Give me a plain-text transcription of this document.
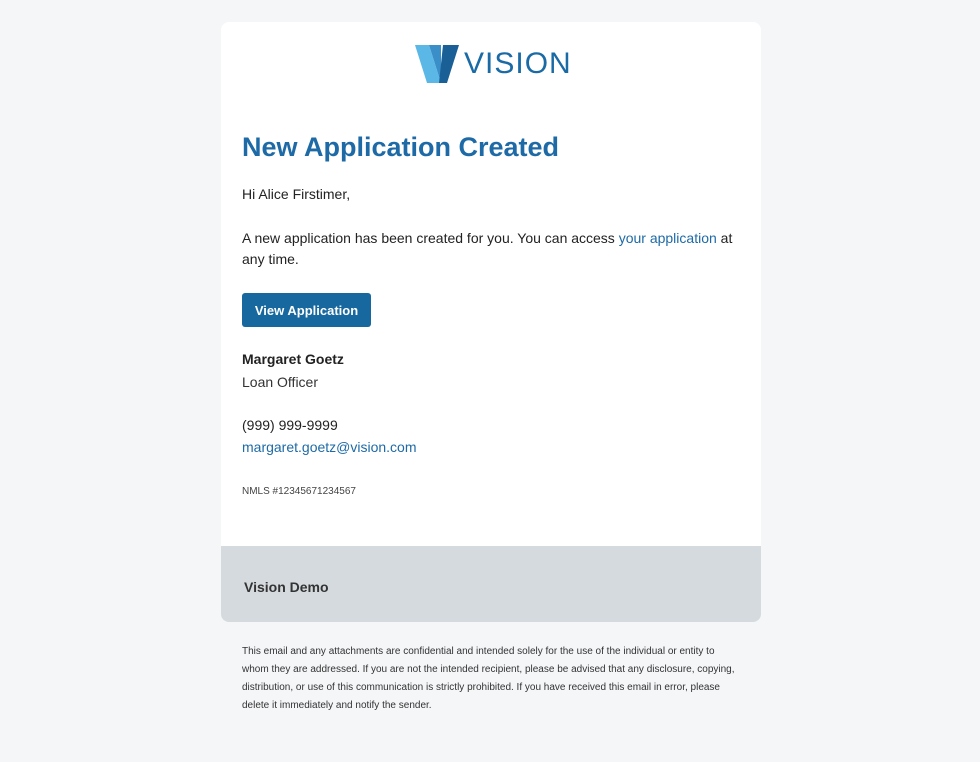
VISION
New Application Created
Hi Alice Firstimer,
A new application has been created for you. You can access your application at any time.
View Application
Margaret Goetz
Loan Officer
(999) 999-9999
margaret.goetz@vision.com
NMLS #12345671234567
Vision Demo
This email and any attachments are confidential and intended solely for the use of the individual or entity to whom they are addressed. If you are not the intended recipient, please be advised that any disclosure, copying, distribution, or use of this communication is strictly prohibited. If you have received this email in error, please delete it immediately and notify the sender.
